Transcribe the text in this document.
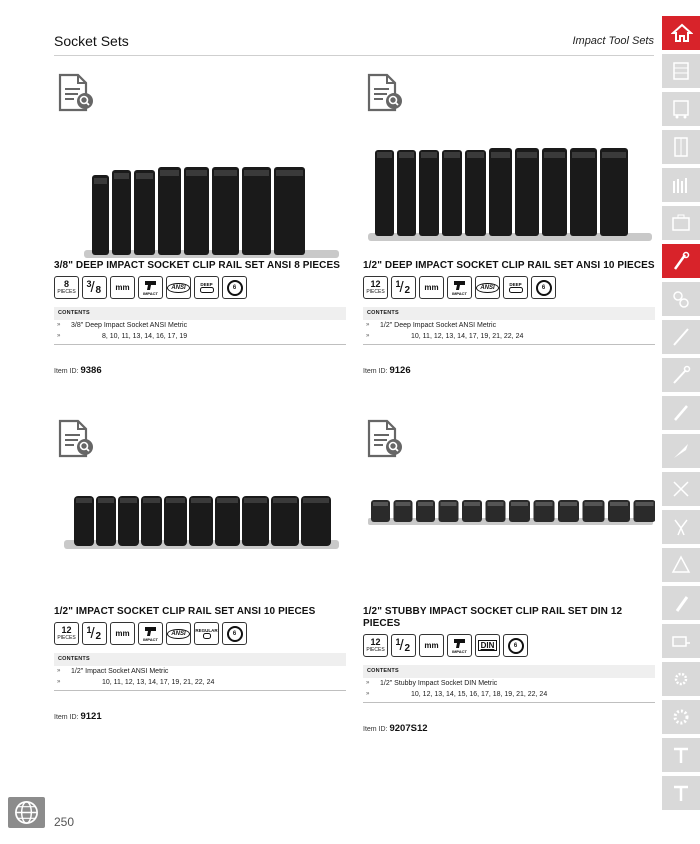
Socket Sets	Impact Tool Sets
3/8" DEEP IMPACT SOCKET CLIP RAIL SET ANSI 8 PIECES
8
PIECES
3
/ 8 mm
IMPACT
ANSI	DEEP	6
CONTENTS
» 3/8" Deep Impact Socket ANSI Metric
»	8, 10, 11, 13, 14, 16, 17, 19
Item ID: 9386
1/2" DEEP IMPACT SOCKET CLIP RAIL SET ANSI 10 PIECES
12
PIECES
1
/ 2 mm
IMPACT
ANSI	DEEP	6
CONTENTS
» 1/2" Deep Impact Socket ANSI Metric
»	10, 11, 12, 13, 14, 17, 19, 21, 22, 24
Item ID: 9126
1/2" IMPACT SOCKET CLIP RAIL SET ANSI 10 PIECES
12
PIECES
1
/ 2 mm
IMPACT
ANSI	REGULAR	6
CONTENTS
» 1/2" Impact Socket ANSI Metric
»	10, 11, 12, 13, 14, 17, 19, 21, 22, 24
Item ID: 9121
1/2" STUBBY IMPACT SOCKET CLIP RAIL SET DIN 12 PIECES
12
PIECES
1
/ 2 mm
IMPACT
DIN	6
CONTENTS
» 1/2" Stubby Impact Socket DIN Metric
»	10, 12, 13, 14, 15, 16, 17, 18, 19, 21, 22, 24
Item ID: 9207S12
250
